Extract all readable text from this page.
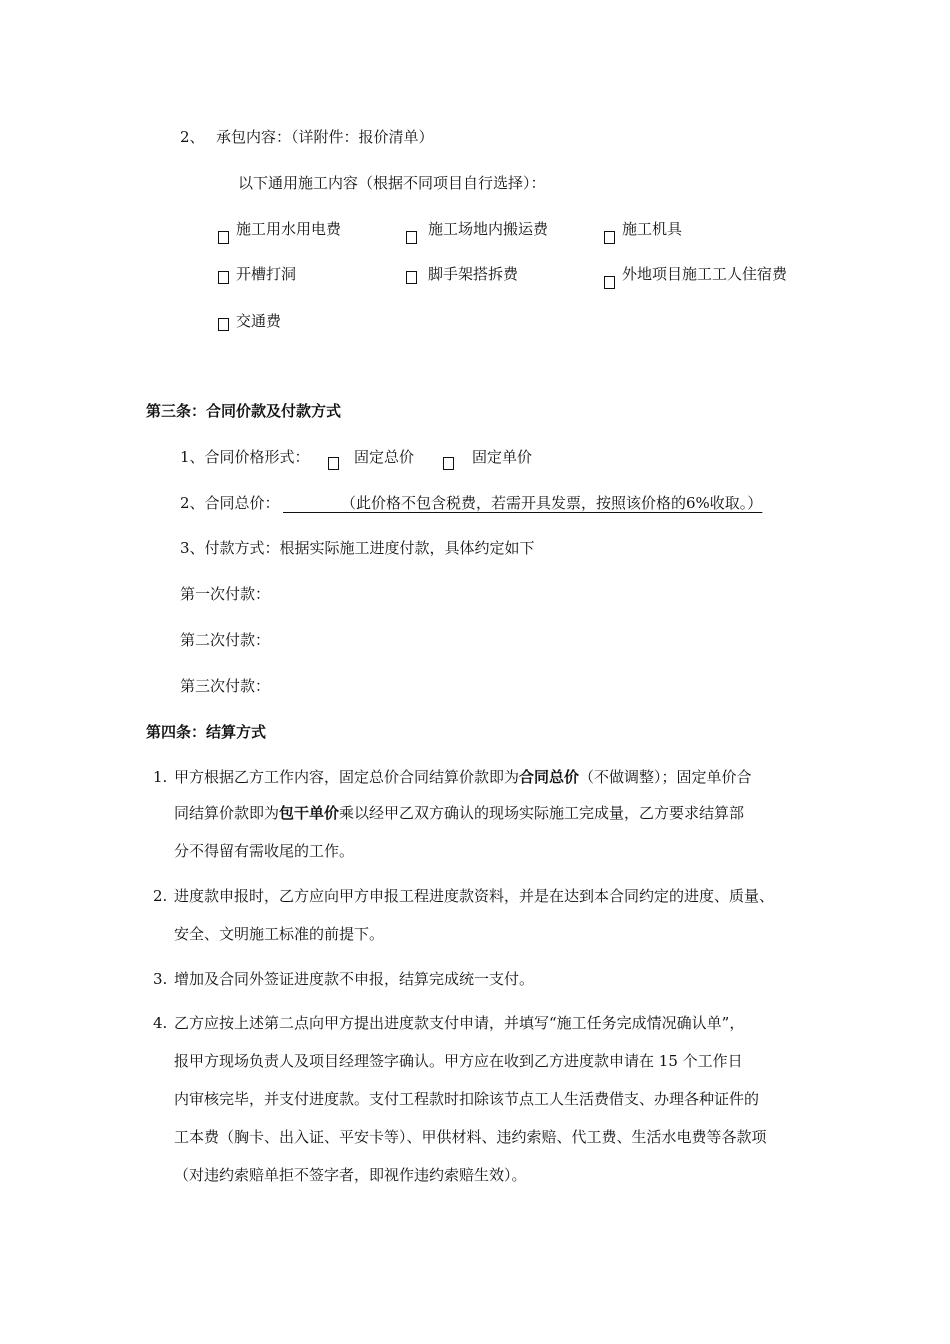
2、 承包内容：（详附件：报价清单）
以下通用施工内容（根据不同项目自行选择）：
施工用水用电费	施工场地内搬运费	施工机具
开槽打洞	脚手架搭拆费	外地项目施工工人住宿费
交通费
第三条：合同价款及付款方式
1、合同价格形式：	固定总价	固定单价
2、合同总价：	（此价格不包含税费，若需开具发票，按照该价格的6%收取。）
3、付款方式：根据实际施工进度付款，具体约定如下
第一次付款：
第二次付款：
第三次付款：
第四条：结算方式
1. 甲方根据乙方工作内容，固定总价合同结算价款即为合同总价（不做调整）；固定单价合
同结算价款即为包干单价乘以经甲乙双方确认的现场实际施工完成量，乙方要求结算部
分不得留有需收尾的工作。
2. 进度款申报时，乙方应向甲方申报工程进度款资料，并是在达到本合同约定的进度、质量、
安全、文明施工标准的前提下。
3. 增加及合同外签证进度款不申报，结算完成统一支付。
4. 乙方应按上述第二点向甲方提出进度款支付申请，并填写“施工任务完成情况确认单”，
报甲方现场负责人及项目经理签字确认。甲方应在收到乙方进度款申请在 15 个工作日
内审核完毕，并支付进度款。支付工程款时扣除该节点工人生活费借支、办理各种证件的
工本费（胸卡、出入证、平安卡等）、甲供材料、违约索赔、代工费、生活水电费等各款项
（对违约索赔单拒不签字者，即视作违约索赔生效）。
